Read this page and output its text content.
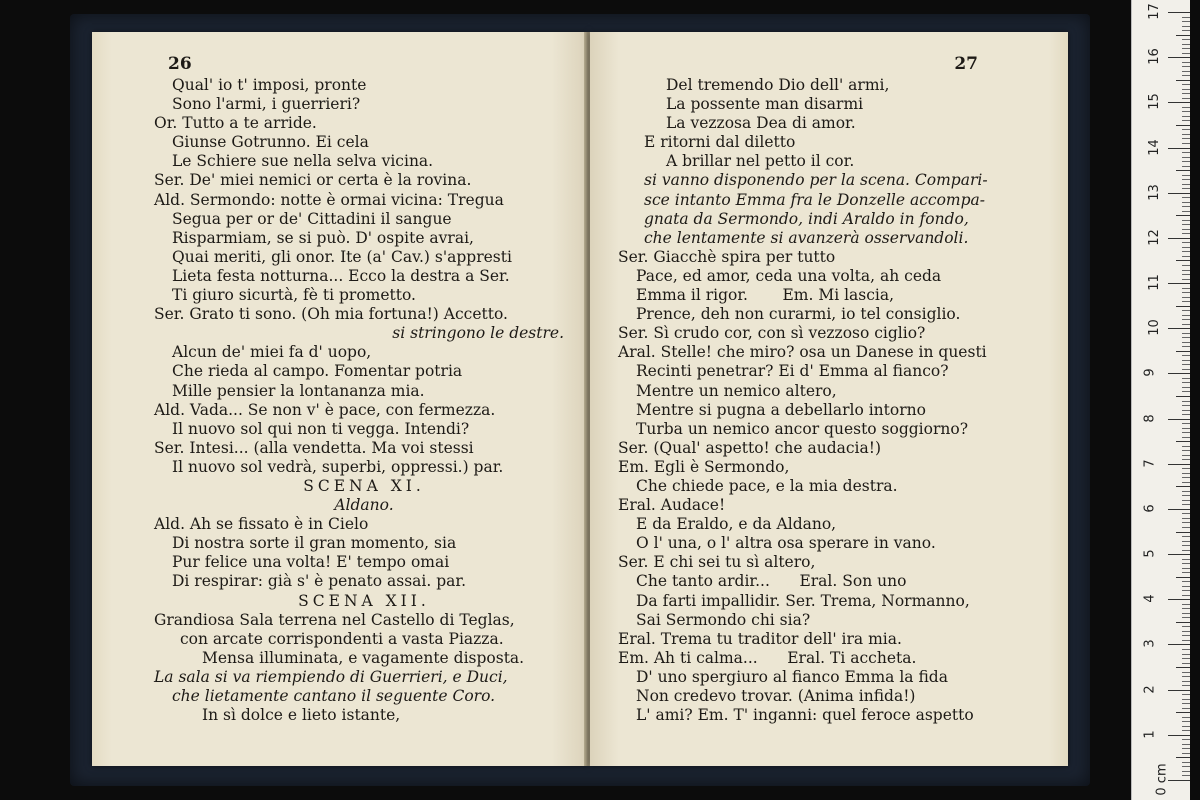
26
Qual' io t' imposi, pronte
Sono l'armi, i guerrieri?
Or. Tutto a te arride.
Giunse Gotrunno. Ei cela
Le Schiere sue nella selva vicina.
Ser. De' miei nemici or certa è la rovina.
Ald. Sermondo: notte è ormai vicina: Tregua
Segua per or de' Cittadini il sangue
Risparmiam, se si può. D' ospite avrai,
Quai meriti, gli onor. Ite (a' Cav.) s'appresti
Lieta festa notturna... Ecco la destra a Ser.
Ti giuro sicurtà, fè ti prometto.
Ser. Grato ti sono. (Oh mia fortuna!) Accetto.
si stringono le destre.
Alcun de' miei fa d' uopo,
Che rieda al campo. Fomentar potria
Mille pensier la lontananza mia.
Ald. Vada... Se non v' è pace, con fermezza.
Il nuovo sol qui non ti vegga. Intendi?
Ser. Intesi... (alla vendetta. Ma voi stessi
Il nuovo sol vedrà, superbi, oppressi.) par.
SCENA XI.
Aldano.
Ald. Ah se fissato è in Cielo
Di nostra sorte il gran momento, sia
Pur felice una volta! E' tempo omai
Di respirar: già s' è penato assai. par.
SCENA XII.
Grandiosa Sala terrena nel Castello di Teglas,
con arcate corrispondenti a vasta Piazza.
Mensa illuminata, e vagamente disposta.
La sala si va riempiendo di Guerrieri, e Duci,
che lietamente cantano il seguente Coro.
In sì dolce e lieto istante,
27
Del tremendo Dio dell' armi,
La possente man disarmi
La vezzosa Dea di amor.
E ritorni dal diletto
A brillar nel petto il cor.
si vanno disponendo per la scena. Compari-
sce intanto Emma fra le Donzelle accompa-
gnata da Sermondo, indi Araldo in fondo,
che lentamente si avanzerà osservandoli.
Ser. Giacchè spira per tutto
Pace, ed amor, ceda una volta, ah ceda
Emma il rigor.       Em. Mi lascia,
Prence, deh non curarmi, io tel consiglio.
Ser. Sì crudo cor, con sì vezzoso ciglio?
Aral. Stelle! che miro? osa un Danese in questi
Recinti penetrar? Ei d' Emma al fianco?
Mentre un nemico altero,
Mentre si pugna a debellarlo intorno
Turba un nemico ancor questo soggiorno?
Ser. (Qual' aspetto! che audacia!)
Em. Egli è Sermondo,
Che chiede pace, e la mia destra.
Eral. Audace!
E da Eraldo, e da Aldano,
O l' una, o l' altra osa sperare in vano.
Ser. E chi sei tu sì altero,
Che tanto ardir...      Eral. Son uno
Da farti impallidir. Ser. Trema, Normanno,
Sai Sermondo chi sia?
Eral. Trema tu traditor dell' ira mia.
Em. Ah ti calma...      Eral. Ti accheta.
D' uno spergiuro al fianco Emma la fida
Non credevo trovar. (Anima infida!)
L' ami? Em. T' inganni: quel feroce aspetto
0 cm
1
2
3
4
5
6
7
8
9
10
11
12
13
14
15
16
17
